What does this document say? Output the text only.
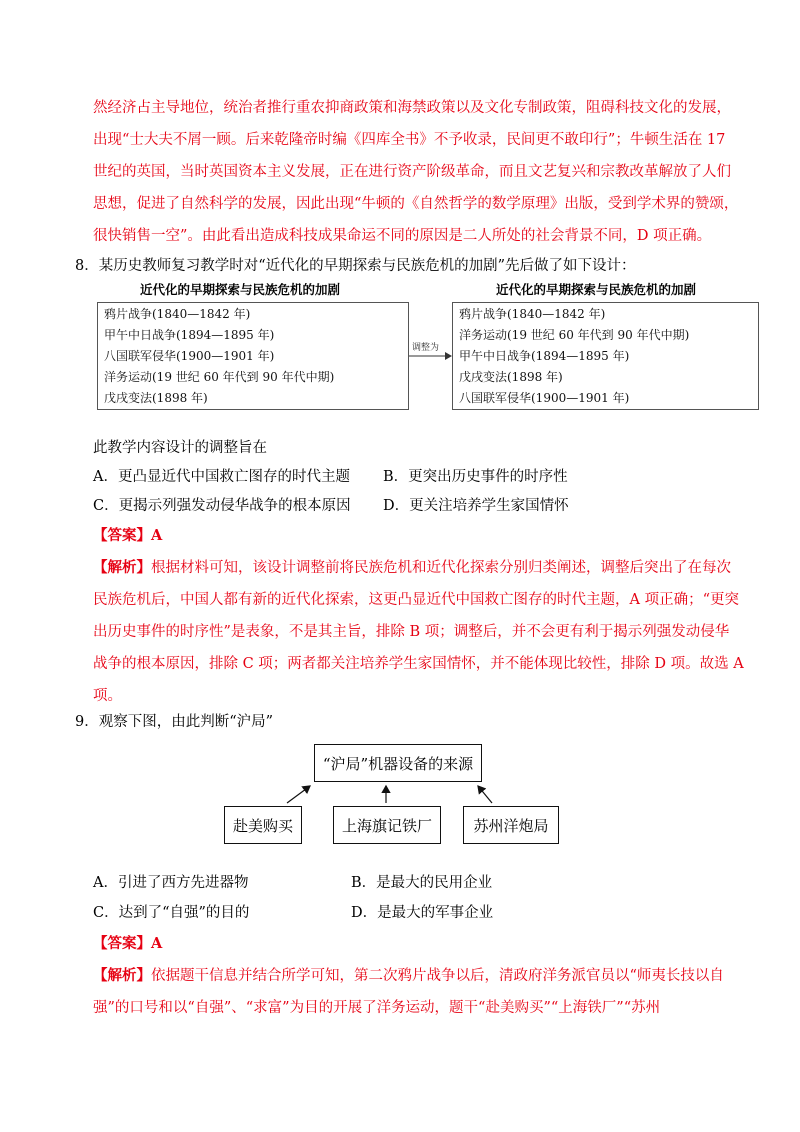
然经济占主导地位，统治者推行重农抑商政策和海禁政策以及文化专制政策，阻碍科技文化的发展，
出现“士大夫不屑一顾。后来乾隆帝时编《四库全书》不予收录，民间更不敢印行”；牛顿生活在 17
世纪的英国，当时英国资本主义发展，正在进行资产阶级革命，而且文艺复兴和宗教改革解放了人们
思想，促进了自然科学的发展，因此出现“牛顿的《自然哲学的数学原理》出版，受到学术界的赞颂，
很快销售一空”。由此看出造成科技成果命运不同的原因是二人所处的社会背景不同，D 项正确。
8．某历史教师复习教学时对“近代化的早期探索与民族危机的加剧”先后做了如下设计：
近代化的早期探索与民族危机的加剧
鸦片战争(1840—1842 年)
甲午中日战争(1894—1895 年)
八国联军侵华(1900—1901 年)
洋务运动(19 世纪 60 年代到 90 年代中期)
戊戌变法(1898 年)
调整为
近代化的早期探索与民族危机的加剧
鸦片战争(1840—1842 年)
洋务运动(19 世纪 60 年代到 90 年代中期)
甲午中日战争(1894—1895 年)
戊戌变法(1898 年)
八国联军侵华(1900—1901 年)
此教学内容设计的调整旨在
A．更凸显近代中国救亡图存的时代主题 B．更突出历史事件的时序性
C．更揭示列强发动侵华战争的根本原因 D．更关注培养学生家国情怀
【答案】A
【解析】根据材料可知，该设计调整前将民族危机和近代化探索分别归类阐述，调整后突出了在每次
民族危机后，中国人都有新的近代化探索，这更凸显近代中国救亡图存的时代主题，A 项正确；“更突
出历史事件的时序性”是表象，不是其主旨，排除 B 项；调整后，并不会更有利于揭示列强发动侵华
战争的根本原因，排除 C 项；两者都关注培养学生家国情怀，并不能体现比较性，排除 D 项。故选 A
项。
9．观察下图，由此判断“沪局”
“沪局”机器设备的来源
赴美购买	上海旗记铁厂	苏州洋炮局
A．引进了西方先进器物	B．是最大的民用企业
C．达到了“自强”的目的	D．是最大的军事企业
【答案】A
【解析】依据题干信息并结合所学可知，第二次鸦片战争以后，清政府洋务派官员以“师夷长技以自
强”的口号和以“自强”、“求富”为目的开展了洋务运动，题干“赴美购买”“上海铁厂”“苏州
